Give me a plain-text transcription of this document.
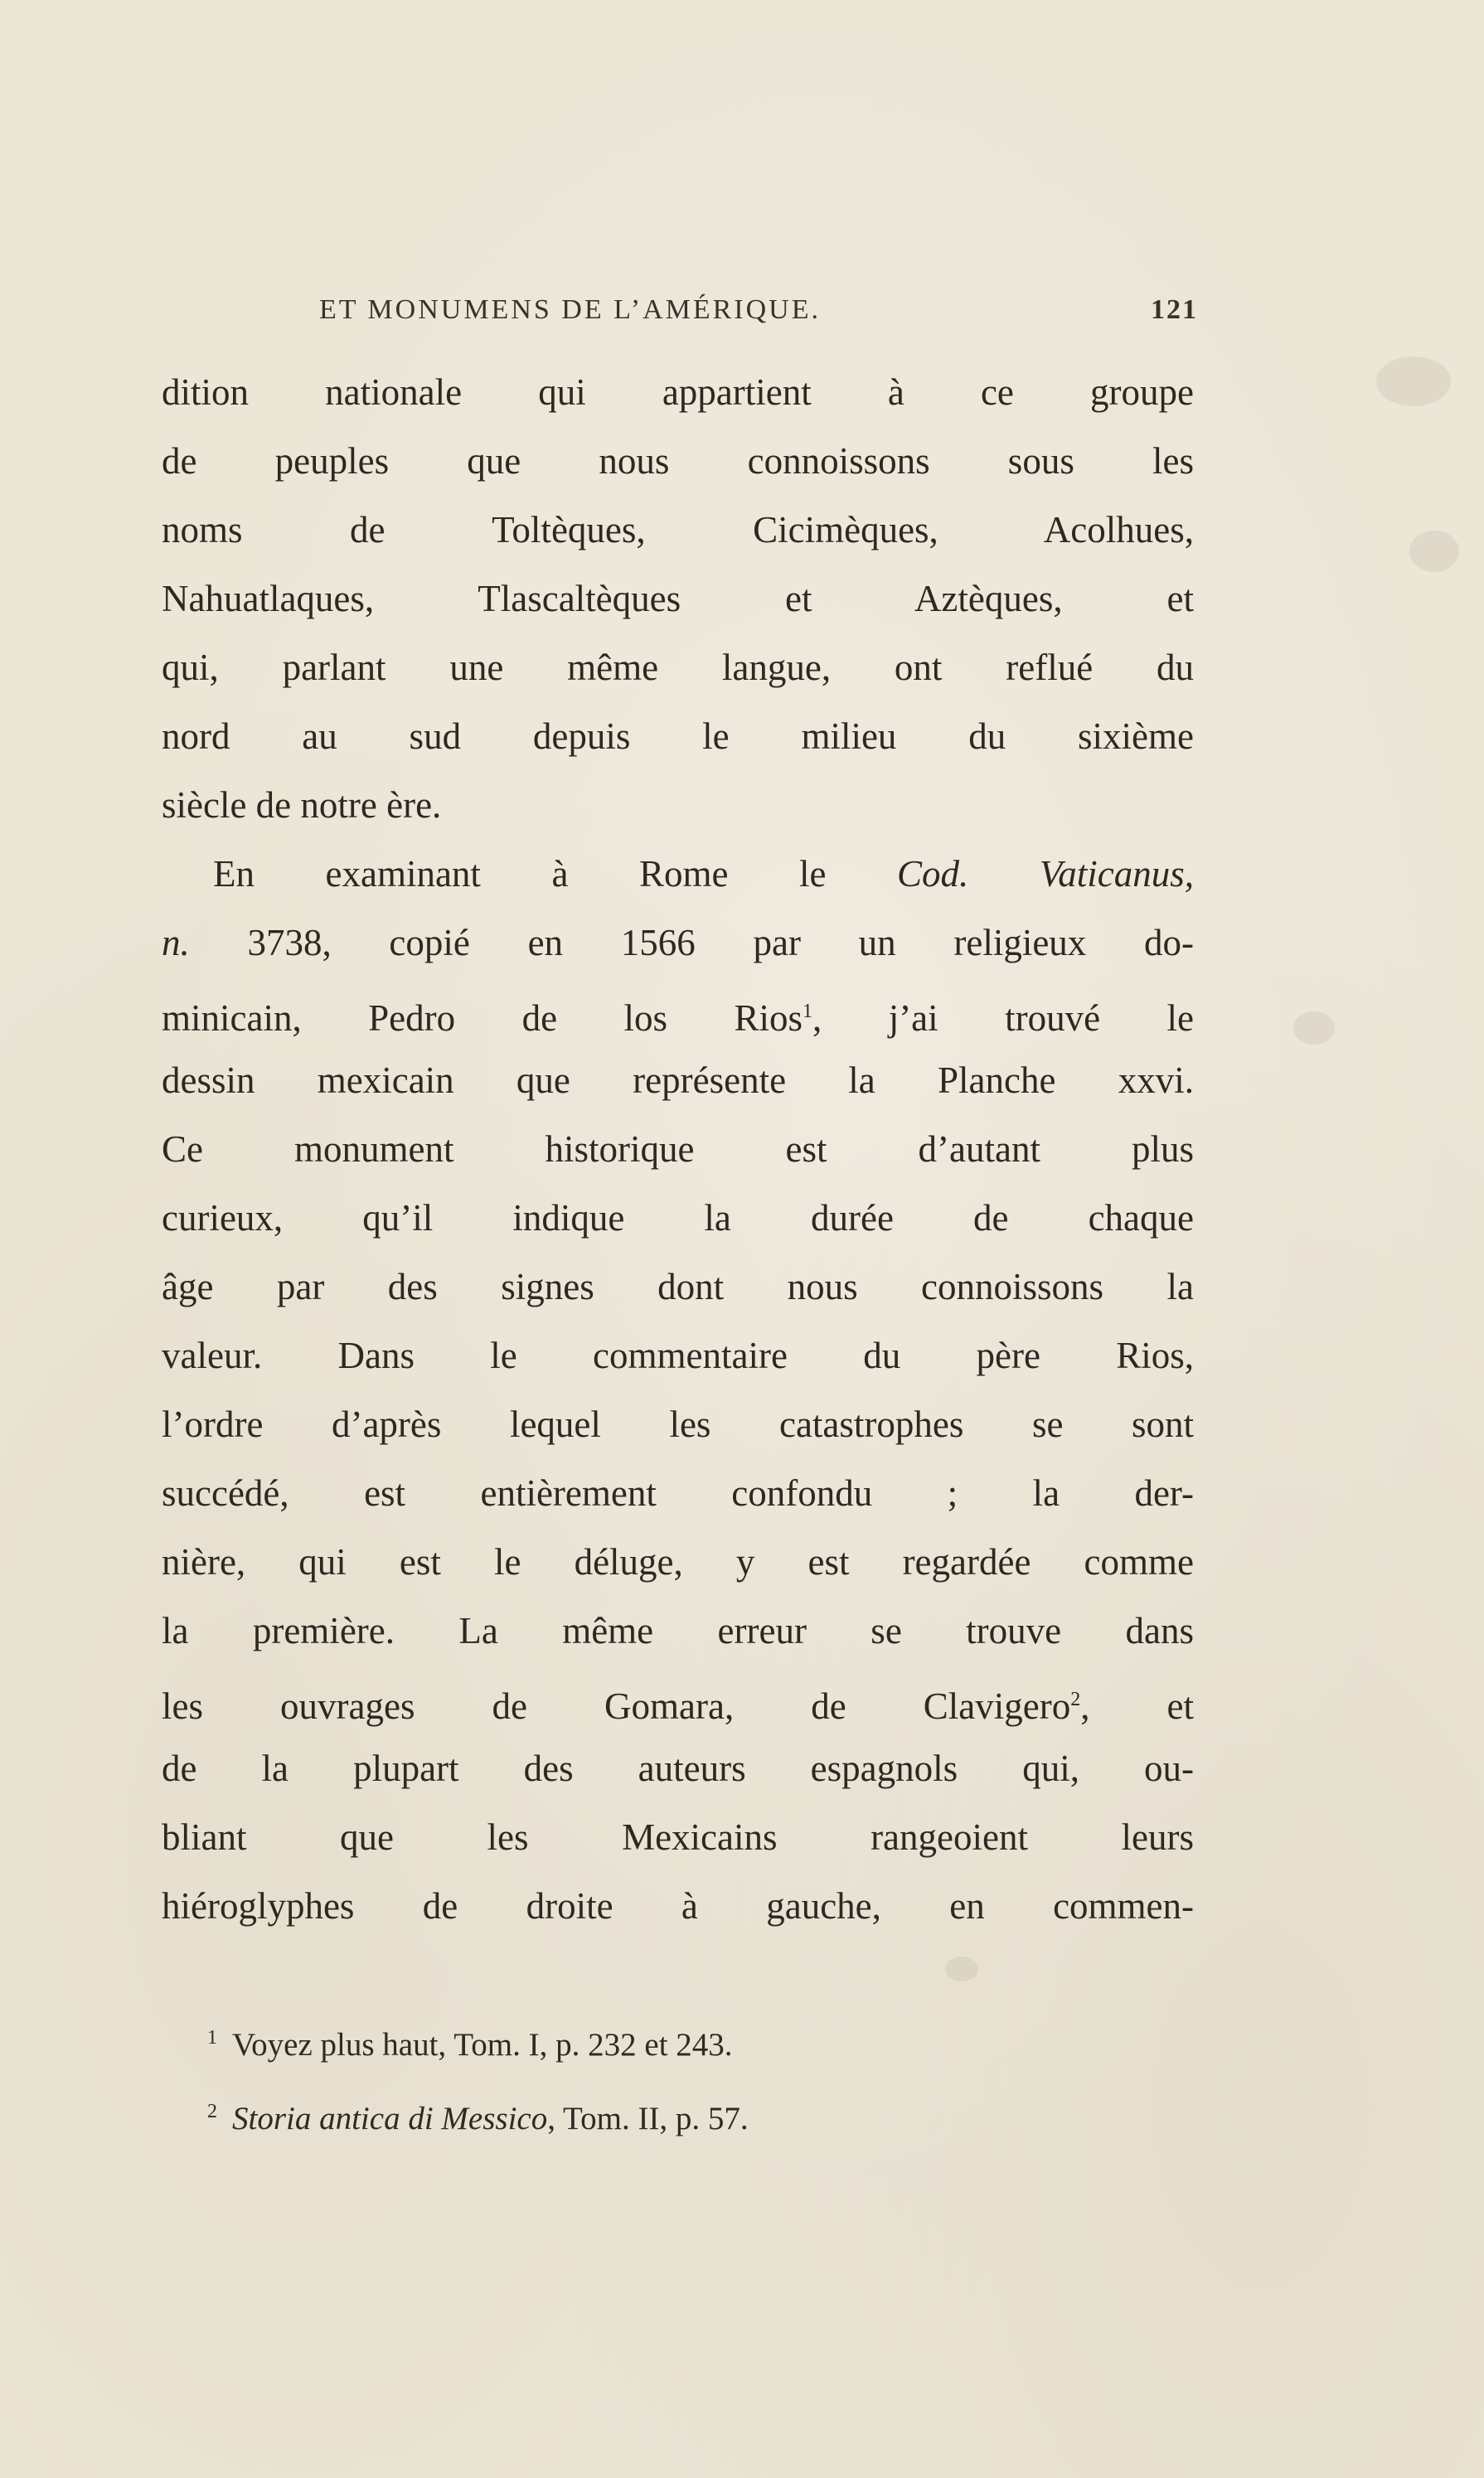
ET MONUMENS DE L’AMÉRIQUE.	121
dition nationale qui appartient à ce groupe
de peuples que nous connoissons sous les
noms de Toltèques, Cicimèques, Acolhues,
Nahuatlaques, Tlascaltèques et Aztèques, et
qui, parlant une même langue, ont reflué du
nord au sud depuis le milieu du sixième
siècle de notre ère.
En examinant à Rome le Cod. Vaticanus,
n. 3738, copié en 1566 par un religieux do-
minicain, Pedro de los Rios$^1$, j’ai trouvé le
dessin mexicain que représente la Planche xxvi.
Ce monument historique est d’autant plus
curieux, qu’il indique la durée de chaque
âge par des signes dont nous connoissons la
valeur. Dans le commentaire du père Rios,
l’ordre d’après lequel les catastrophes se sont
succédé, est entièrement confondu ; la der-
nière, qui est le déluge, y est regardée comme
la première. La même erreur se trouve dans
les ouvrages de Gomara, de Clavigero$^2$, et
de la plupart des auteurs espagnols qui, ou-
bliant que les Mexicains rangeoient leurs
hiéroglyphes de droite à gauche, en commen-
$^1$ Voyez plus haut, Tom. I, p. 232 et 243.
$^2$ Storia antica di Messico, Tom. II, p. 57.
